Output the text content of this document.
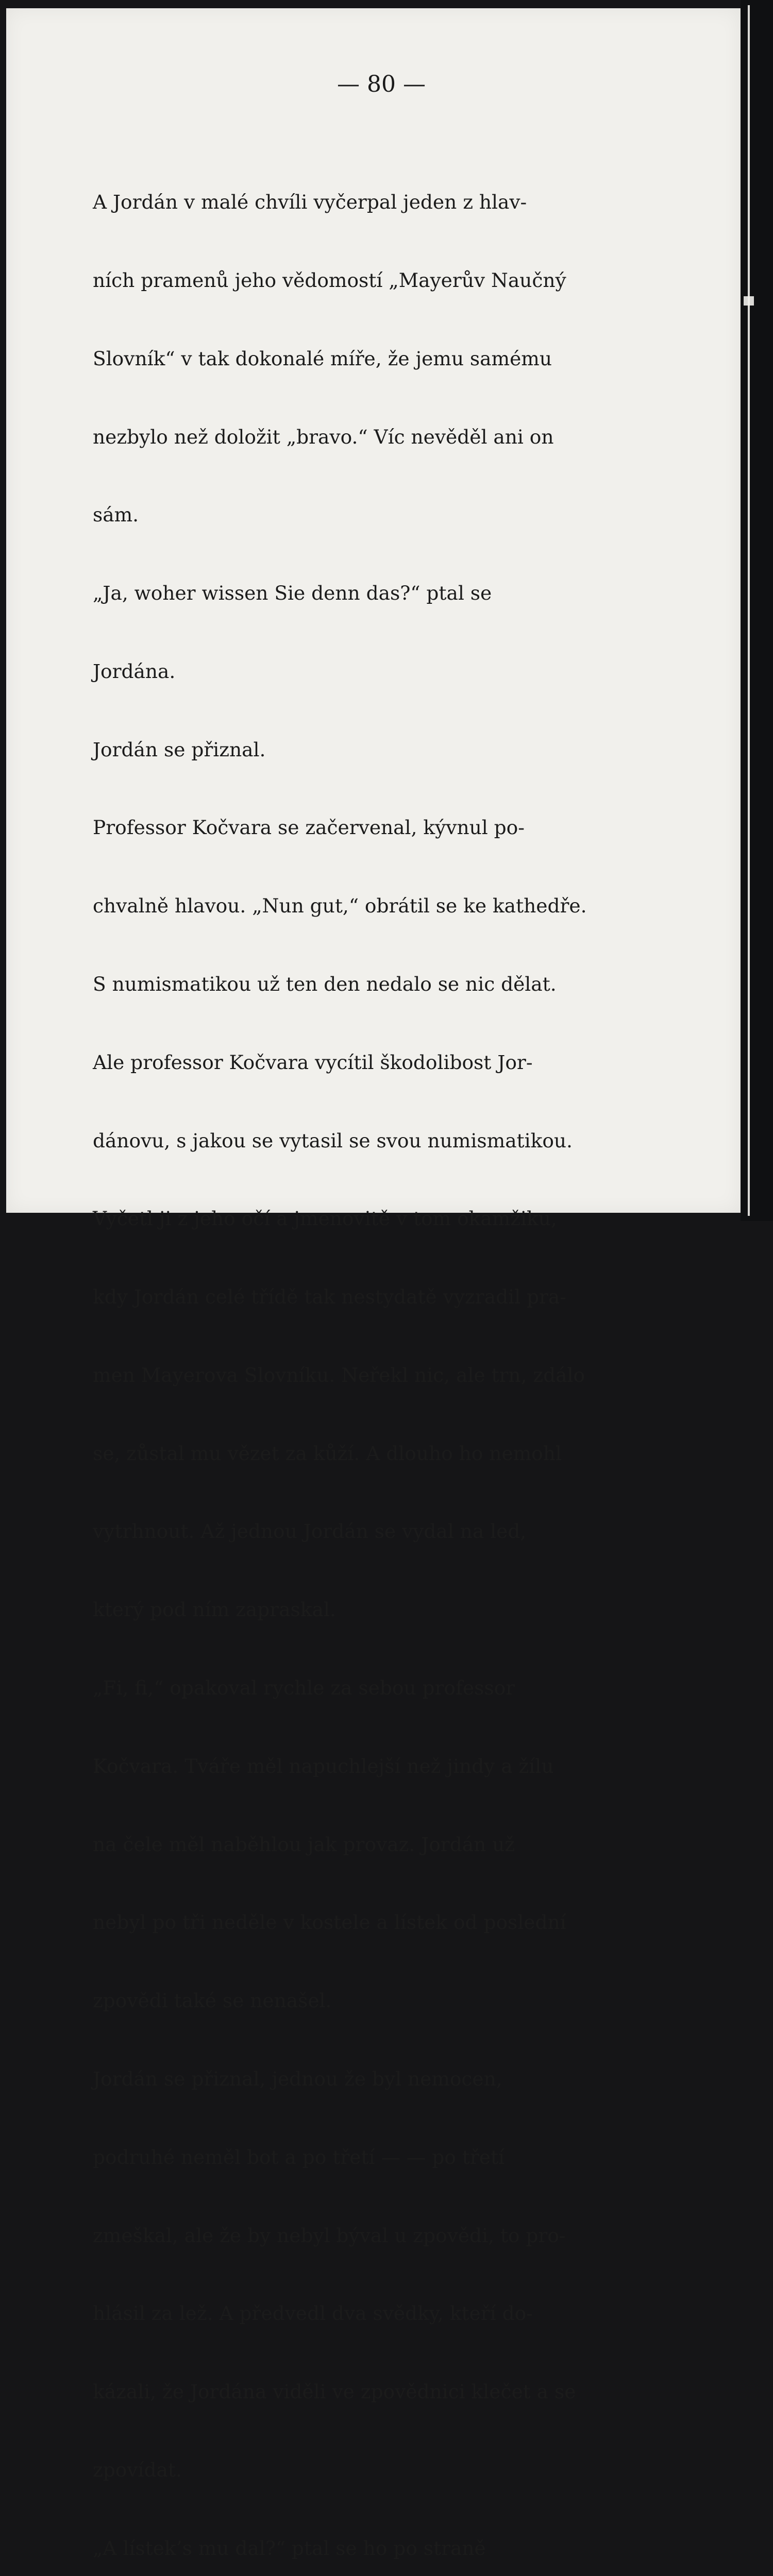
— 80 —

A Jordán v malé chvíli vyčerpal jeden z hlav-

ních pramenů jeho vědomostí „Mayerův Naučný

Slovník“ v tak dokonalé míře, že jemu samému

nezbylo než doložit „bravo.“ Víc nevěděl ani on

sám.

„Ja, woher wissen Sie denn das?“ ptal se

Jordána.

Jordán se přiznal.

Professor Kočvara se začervenal, kývnul po-

chvalně hlavou. „Nun gut,“ obrátil se ke kathedře.

S numismatikou už ten den nedalo se nic dělat.

Ale professor Kočvara vycítil škodolibost Jor-

dánovu, s jakou se vytasil se svou numismatikou.

Vyčetl ji z jeho očí a jmenovitě v tom okamžiku,

kdy Jordán celé třídě tak nestydatě vyzradil pra-

men Mayerova Slovníku. Neřekl nic, ale trn, zdálo

se, zůstal mu vězet za kůží. A dlouho ho nemohl

vytrhnout. Až jednou Jordán se vydal na led,

který pod ním zapraskal.

„Fi, fi,“ opakoval rychle za sebou professor

Kočvara. Tváře měl napuchlejší než jindy a žílu

na čele měl naběhlou jak provaz. Jordán už

nebyl po tři neděle v kostele a lístek od poslední

zpovědi také se nenašel.

Jordán se přiznal, jednou že byl nemocen,

podruhé neměl bot a po třetí — — po třetí

zmeškal, ale že by nebyl býval u zpovědi, to pro-

hlásil za lež. A předvedl dva svědky, kteří do-

kázali, že Jordána viděli ve zpovědnici klečet a se

zpovídat.

„A lístek’s mu dal?“ ptal se ho po straně
